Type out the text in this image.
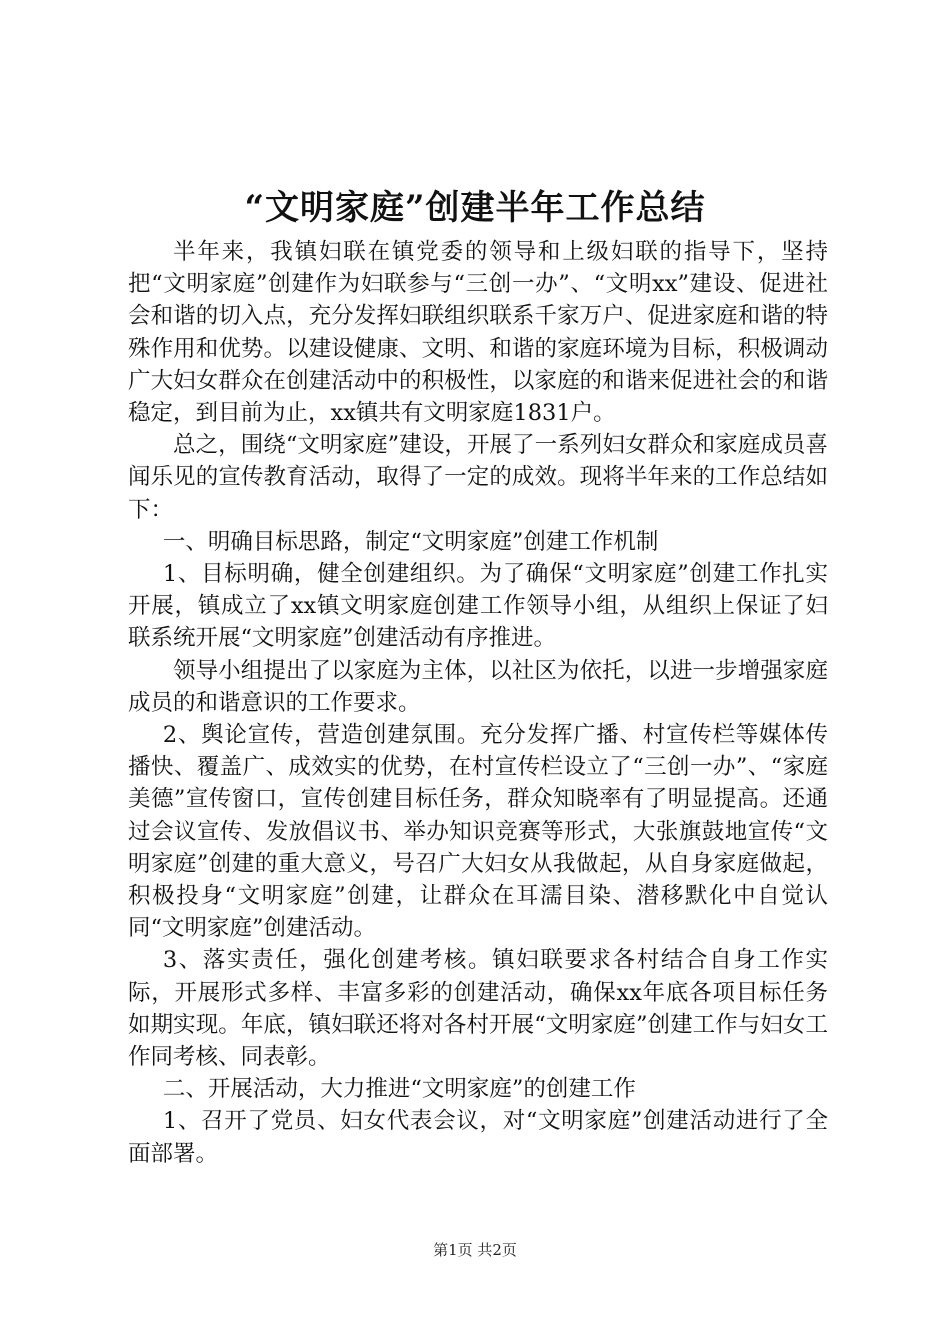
“文明家庭”创建半年工作总结

半年来，我镇妇联在镇党委的领导和上级妇联的指导下，坚持把“文明家庭”创建作为妇联参与“三创一办”、“文明xx”建设、促进社会和谐的切入点，充分发挥妇联组织联系千家万户、促进家庭和谐的特殊作用和优势。以建设健康、文明、和谐的家庭环境为目标，积极调动广大妇女群众在创建活动中的积极性，以家庭的和谐来促进社会的和谐稳定，到目前为止，xx镇共有文明家庭1831户。

总之，围绕“文明家庭”建设，开展了一系列妇女群众和家庭成员喜闻乐见的宣传教育活动，取得了一定的成效。现将半年来的工作总结如下：

一、明确目标思路，制定“文明家庭”创建工作机制

1、目标明确，健全创建组织。为了确保“文明家庭”创建工作扎实开展，镇成立了xx镇文明家庭创建工作领导小组，从组织上保证了妇联系统开展“文明家庭”创建活动有序推进。

领导小组提出了以家庭为主体，以社区为依托，以进一步增强家庭成员的和谐意识的工作要求。

2、舆论宣传，营造创建氛围。充分发挥广播、村宣传栏等媒体传播快、覆盖广、成效实的优势，在村宣传栏设立了“三创一办”、“家庭美德”宣传窗口，宣传创建目标任务，群众知晓率有了明显提高。还通过会议宣传、发放倡议书、举办知识竞赛等形式，大张旗鼓地宣传“文明家庭”创建的重大意义，号召广大妇女从我做起，从自身家庭做起，积极投身“文明家庭”创建，让群众在耳濡目染、潜移默化中自觉认同“文明家庭”创建活动。

3、落实责任，强化创建考核。镇妇联要求各村结合自身工作实际，开展形式多样、丰富多彩的创建活动，确保xx年底各项目标任务如期实现。年底，镇妇联还将对各村开展“文明家庭”创建工作与妇女工作同考核、同表彰。

二、开展活动，大力推进“文明家庭”的创建工作

1、召开了党员、妇女代表会议，对“文明家庭”创建活动进行了全面部署。

第1页 共2页
